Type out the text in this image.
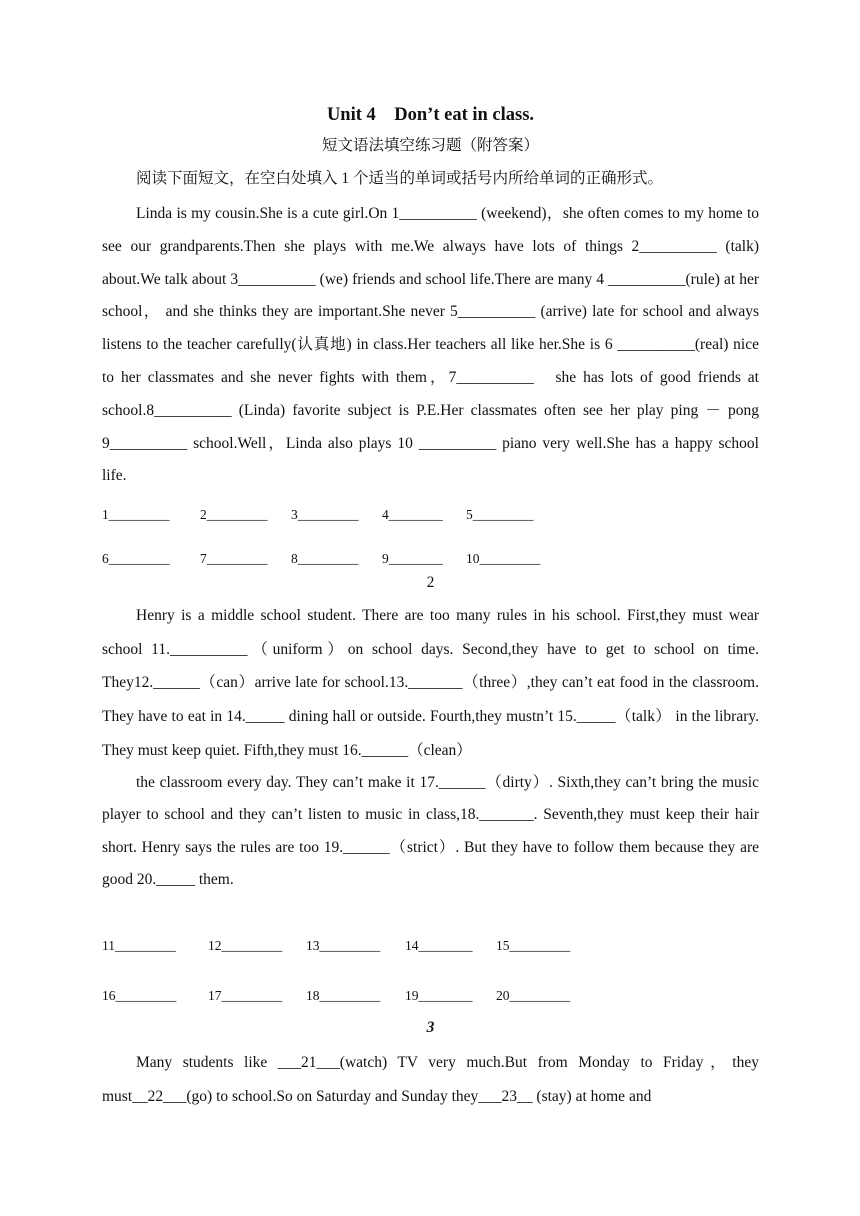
Unit 4　Don’t eat in class.

短文语法填空练习题（附答案）

阅读下面短文，在空白处填入 1 个适当的单词或括号内所给单词的正确形式。

Linda is my cousin.She is a cute girl.On 1__________ (weekend)，she often comes to my home to see our grandparents.Then she plays with me.We always have lots of things 2__________ (talk) about.We talk about 3__________ (we) friends and school life.There are many 4 __________(rule) at her school， and she thinks they are important.She never 5__________ (arrive) late for school and always listens to the teacher carefully(认真地) in class.Her teachers all like her.She is 6 __________(real) nice to her classmates and she never fights with them，7__________　she has lots of good friends at school.8__________ (Linda) favorite subject is P.E.Her classmates often see her play ping － pong 9__________ school.Well，Linda also plays 10 __________ piano very well.She has a happy school life.

1_________	2_________	3_________	4________	5_________
6_________	7_________	8_________	9________	10_________

2

Henry is a middle school student. There are too many rules in his school. First,they must wear school 11.__________（uniform）on school days. Second,they have to get to school on time. They12.______（can）arrive late for school.13._______（three）,they can’t eat food in the classroom. They have to eat in 14._____ dining hall or outside. Fourth,they mustn’t 15._____（talk） in the library. They must keep quiet. Fifth,they must 16.______（clean）

the classroom every day. They can’t make it 17.______（dirty）. Sixth,they can’t bring the music player to school and they can’t listen to music in class,18._______. Seventh,they must keep their hair short. Henry says the rules are too 19.______（strict）. But they have to follow them because they are good 20._____ them.

11_________	12_________	13_________	14________	15_________
16_________	17_________	18_________	19________	20_________

3

Many students like ___21___(watch) TV very much.But from Monday to Friday，they must__22___(go) to school.So on Saturday and Sunday they___23__ (stay) at home and
